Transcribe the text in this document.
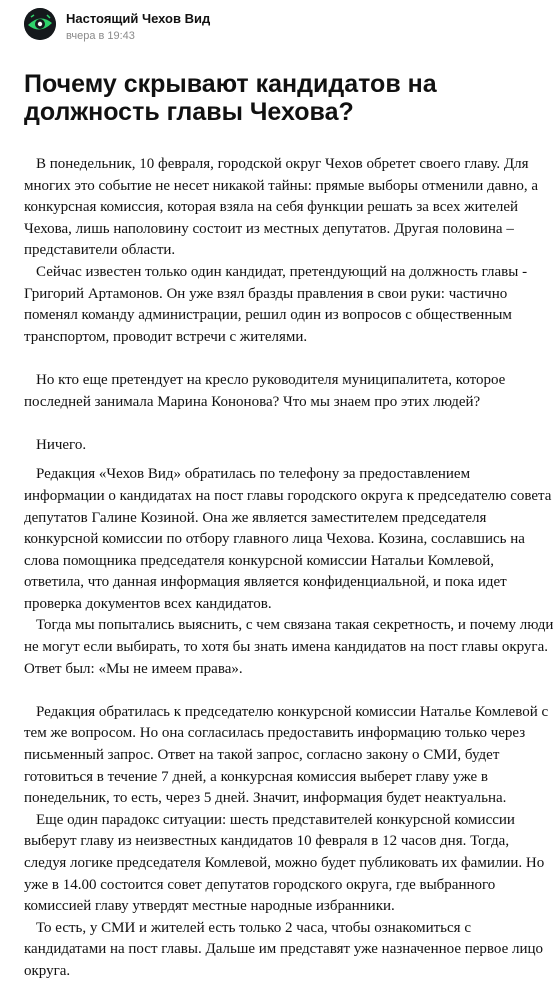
Настоящий Чехов Вид
вчера в 19:43
Почему скрывают кандидатов на должность главы Чехова?

В понедельник, 10 февраля, городской округ Чехов обретет своего главу. Для многих это событие не несет никакой тайны: прямые выборы отменили давно, а конкурсная комиссия, которая взяла на себя функции решать за всех жителей Чехова, лишь наполовину состоит из местных депутатов. Другая половина – представители области.

Сейчас известен только один кандидат, претендующий на должность главы - Григорий Артамонов. Он уже взял бразды правления в свои руки: частично поменял команду администрации, решил один из вопросов с общественным транспортом, проводит встречи с жителями.

Но кто еще претендует на кресло руководителя муниципалитета, которое последней занимала Марина Кононова? Что мы знаем про этих людей?

Ничего.

Редакция «Чехов Вид» обратилась по телефону за предоставлением информации о кандидатах на пост главы городского округа к председателю совета депутатов Галине Козиной. Она же является заместителем председателя конкурсной комиссии по отбору главного лица Чехова. Козина, сославшись на слова помощника председателя конкурсной комиссии Натальи Комлевой, ответила, что данная информация является конфиденциальной, и пока идет проверка документов всех кандидатов.

Тогда мы попытались выяснить, с чем связана такая секретность, и почему люди не могут если выбирать, то хотя бы знать имена кандидатов на пост главы округа. Ответ был: «Мы не имеем права».

Редакция обратилась к председателю конкурсной комиссии Наталье Комлевой с тем же вопросом. Но она согласилась предоставить информацию только через письменный запрос. Ответ на такой запрос, согласно закону о СМИ, будет готовиться в течение 7 дней, а конкурсная комиссия выберет главу уже в понедельник, то есть, через 5 дней. Значит, информация будет неактуальна.

Еще один парадокс ситуации: шесть представителей конкурсной комиссии выберут главу из неизвестных кандидатов 10 февраля в 12 часов дня. Тогда, следуя логике председателя Комлевой, можно будет публиковать их фамилии. Но уже в 14.00 состоится совет депутатов городского округа, где выбранного комиссией главу утвердят местные народные избранники.

То есть, у СМИ и жителей есть только 2 часа, чтобы ознакомиться с кандидатами на пост главы. Дальше им представят уже назначенное первое лицо округа.
